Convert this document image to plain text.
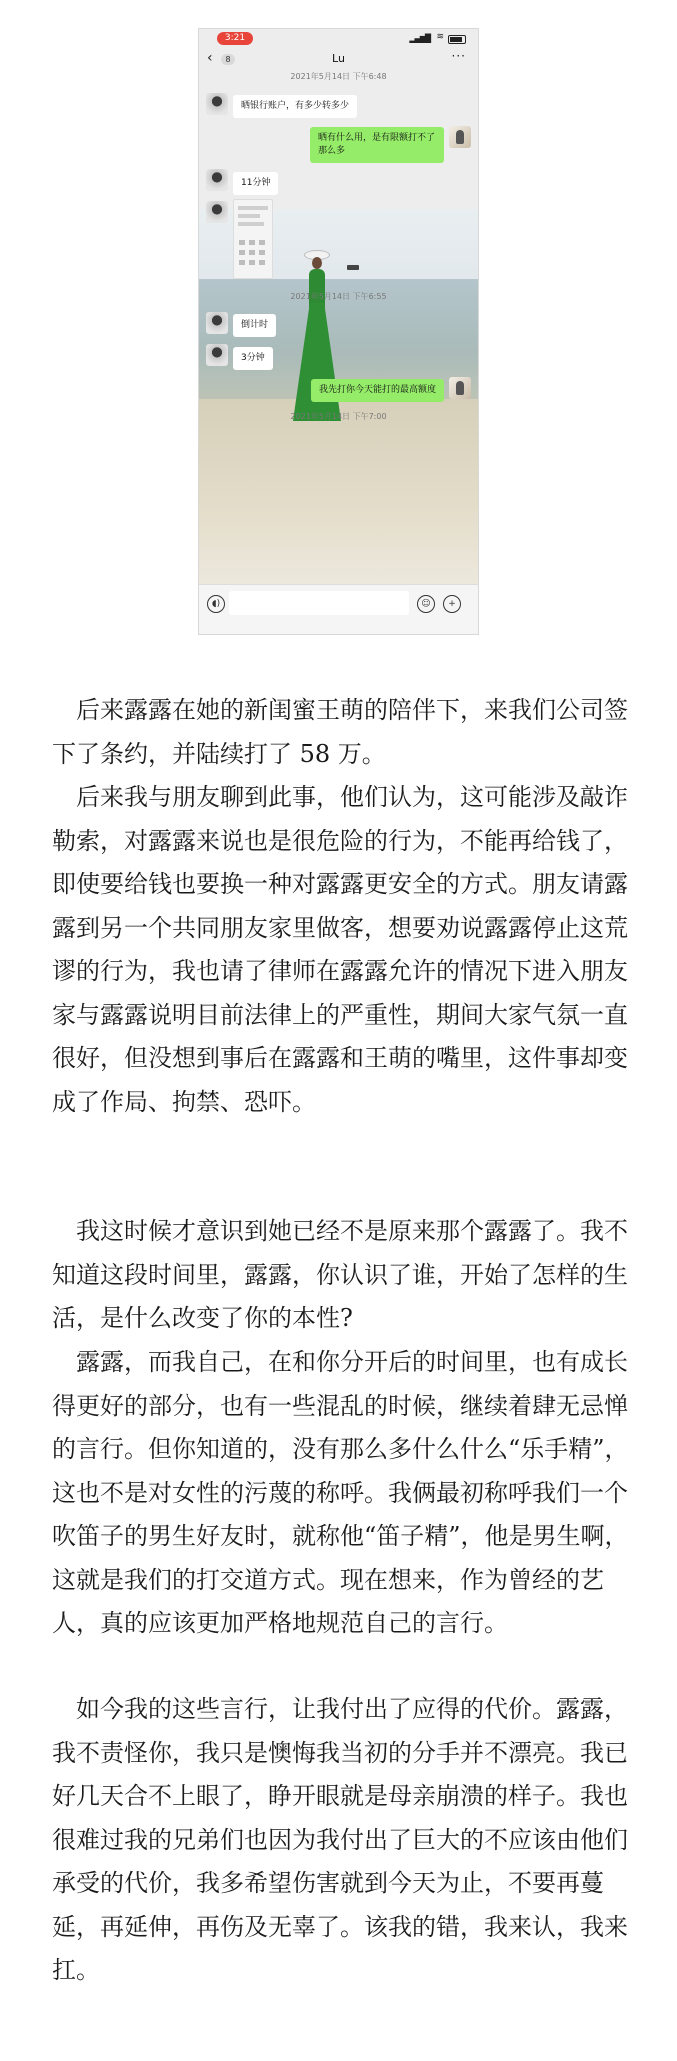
3:21	▂▄▆█ ≋
‹	8	Lu	···
2021年5月14日 下午6:48
晒银行账户，有多少转多少
晒有什么用，是有限额打不了
那么多
11分钟
2021年5月14日 下午6:55
倒计时
3分钟
我先打你今天能打的最高额度
2021年5月14日 下午7:00
◖)	☺	+

　后来露露在她的新闺蜜王萌的陪伴下，来我们公司签下了条约，并陆续打了 58 万。

　后来我与朋友聊到此事，他们认为，这可能涉及敲诈勒索，对露露来说也是很危险的行为，不能再给钱了，即使要给钱也要换一种对露露更安全的方式。朋友请露露到另一个共同朋友家里做客，想要劝说露露停止这荒谬的行为，我也请了律师在露露允许的情况下进入朋友家与露露说明目前法律上的严重性，期间大家气氛一直很好，但没想到事后在露露和王萌的嘴里，这件事却变成了作局、拘禁、恐吓。

　我这时候才意识到她已经不是原来那个露露了。我不知道这段时间里，露露，你认识了谁，开始了怎样的生活，是什么改变了你的本性?

　露露，而我自己，在和你分开后的时间里，也有成长得更好的部分，也有一些混乱的时候，继续着肆无忌惮的言行。但你知道的，没有那么多什么什么“乐手精”，这也不是对女性的污蔑的称呼。我俩最初称呼我们一个吹笛子的男生好友时，就称他“笛子精”，他是男生啊，这就是我们的打交道方式。现在想来，作为曾经的艺人，真的应该更加严格地规范自己的言行。

　如今我的这些言行，让我付出了应得的代价。露露，我不责怪你，我只是懊悔我当初的分手并不漂亮。我已好几天合不上眼了，睁开眼就是母亲崩溃的样子。我也很难过我的兄弟们也因为我付出了巨大的不应该由他们承受的代价，我多希望伤害就到今天为止，不要再蔓延，再延伸，再伤及无辜了。该我的错，我来认，我来扛。
